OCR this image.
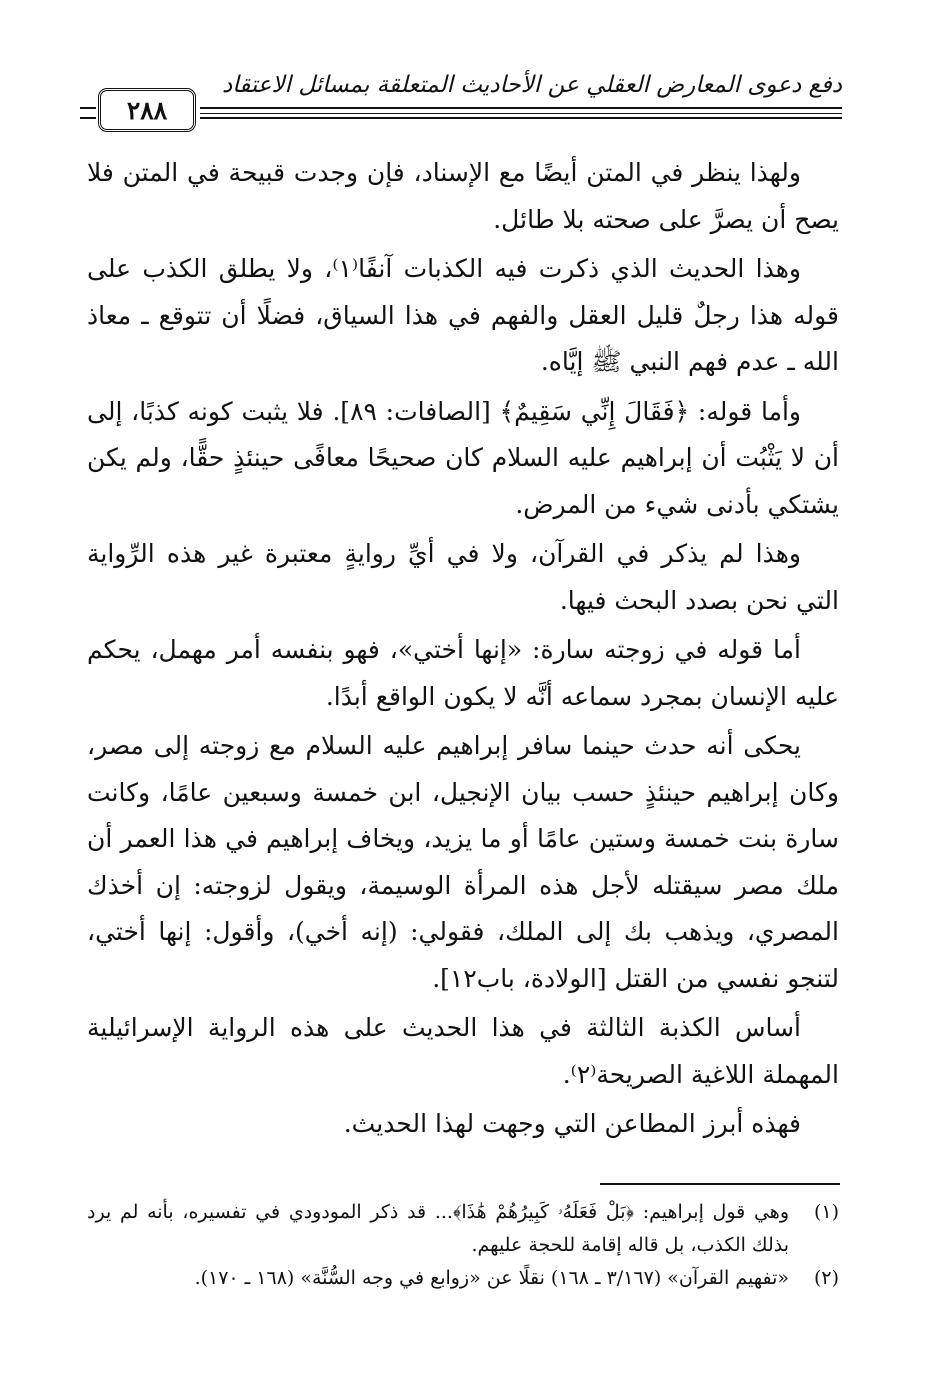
دفع دعوى المعارض العقلي عن الأحاديث المتعلقة بمسائل الاعتقاد
٢٨٨

ولهذا ينظر في المتن أيضًا مع الإسناد، فإن وجدت قبيحة في المتن فلا يصح أن يصرَّ على صحته بلا طائل.

وهذا الحديث الذي ذكرت فيه الكذبات آنفًا⁽١⁾، ولا يطلق الكذب على قوله هذا رجلٌ قليل العقل والفهم في هذا السياق، فضلًا أن تتوقع ـ معاذ الله ـ عدم فهم النبي ﷺ إيَّاه.

وأما قوله: ﴿فَقَالَ إِنِّي سَقِيمٌ﴾ [الصافات: ٨٩]. فلا يثبت كونه كذبًا، إلى أن لا يَثْبُت أن إبراهيم عليه السلام كان صحيحًا معافًى حينئذٍ حقًّا، ولم يكن يشتكي بأدنى شيء من المرض.

وهذا لم يذكر في القرآن، ولا في أيِّ روايةٍ معتبرة غير هذه الرِّواية التي نحن بصدد البحث فيها.

أما قوله في زوجته سارة: «إنها أختي»، فهو بنفسه أمر مهمل، يحكم عليه الإنسان بمجرد سماعه أنَّه لا يكون الواقع أبدًا.

يحكى أنه حدث حينما سافر إبراهيم عليه السلام مع زوجته إلى مصر، وكان إبراهيم حينئذٍ حسب بيان الإنجيل، ابن خمسة وسبعين عامًا، وكانت سارة بنت خمسة وستين عامًا أو ما يزيد، ويخاف إبراهيم في هذا العمر أن ملك مصر سيقتله لأجل هذه المرأة الوسيمة، ويقول لزوجته: إن أخذك المصري، ويذهب بك إلى الملك، فقولي: (إنه أخي)، وأقول: إنها أختي، لتنجو نفسي من القتل [الولادة، باب١٢].

أساس الكذبة الثالثة في هذا الحديث على هذه الرواية الإسرائيلية المهملة اللاغية الصريحة⁽٢⁾.

فهذه أبرز المطاعن التي وجهت لهذا الحديث.

(١)
وهي قول إبراهيم: ﴿بَلْ فَعَلَهُۥ كَبِيرُهُمْ هَٰذَا﴾... قد ذكر المودودي في تفسيره، بأنه لم يرد بذلك الكذب، بل قاله إقامة للحجة عليهم.
(٢)
«تفهيم القرآن» (٣/١٦٧ ـ ١٦٨) نقلًا عن «زوابع في وجه السُّنَّة» (١٦٨ ـ ١٧٠).
